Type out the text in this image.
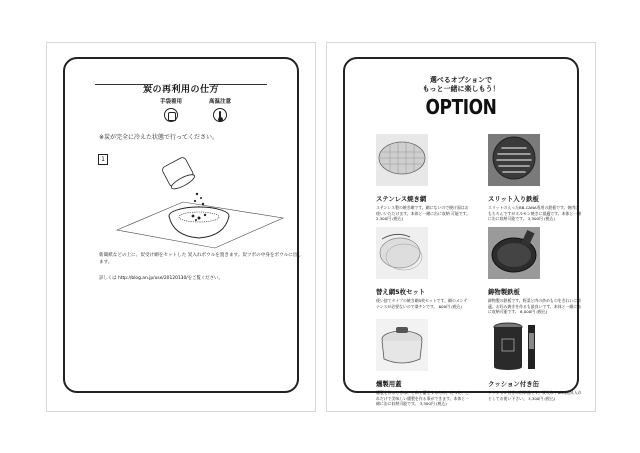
炭の再利用の仕方
手袋着用	高温注意
※炭が完全に冷えた状態で行ってください。
1
新聞紙などの上に、炭受け網をセットした 炭入れボウルを置きます。炭ツボの中身をボウルに出します。
詳しくは http://blog.an.jp/use/20120130/をご覧ください。
選べるオプションで
もっと一緒に楽しもう！
OPTION
ステンレス焼き網
ステンレス製の焼き網です。網にないので焼け面はお使いいただけます。本体と一緒に缶に収納 可能です。 2,300円 (税込)
スリット入り鉄板
スリットの入ったBB-CANA専用の鉄板です。焼肉はもちろんですがホルモン焼きに最適です。本体と一緒に缶に収納可能です。 3,300円 (税込)
替え網5枚セット
使い捨てタイプの焼き網5枚セットです。網のメンテナンスが必要ないので楽チンです。 600円 (税込)
鋳物製鉄板
鋳物製の鉄板です。野菜と肉の炒めものをきれいに最適。お好み焼きを作るも最良いです。本体と一緒に缶に収納可能です。 6,000円 (税込)
燻製用蓋
燻製を作るときは、これで蓋をするだけ。たった、これだけで美味しい燻製を作る事ができます。本体と一緒に缶に収納可能です。 3,300円 (税込)
クッション付き缶
クッション付きの缶単品です。炭入れやBBQ道具入れとしてお使い下さい。 3,300円 (税込)
